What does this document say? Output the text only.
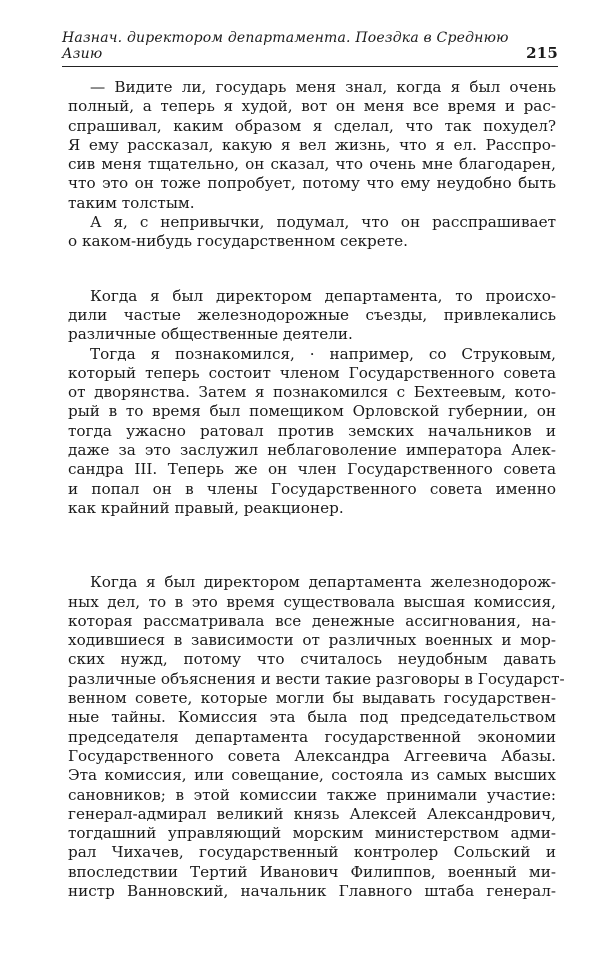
Назнач. директором департамента. Поездка в Среднюю Азию	215

— Видите ли, государь меня знал, когда я был очень
полный, а теперь я худой, вот он меня все время и рас-
спрашивал, каким образом я сделал, что так похудел?
Я ему рассказал, какую я вел жизнь, что я ел. Расспро-
сив меня тщательно, он сказал, что очень мне благодарен,
что это он тоже попробует, потому что ему неудобно быть
таким толстым.

А я, с непривычки, подумал, что он расспрашивает
о каком-нибудь государственном секрете.

Когда я был директором департамента, то происхо-
дили частые железнодорожные съезды, привлекались
различные общественные деятели.

Тогда я познакомился, · например, со Струковым,
который теперь состоит членом Государственного совета
от дворянства. Затем я познакомился с Бехтеевым, кото-
рый в то время был помещиком Орловской губернии, он
тогда ужасно ратовал против земских начальников и
даже за это заслужил неблаговоление императора Алек-
сандра III. Теперь же он член Государственного совета
и попал он в члены Государственного совета именно
как крайний правый, реакционер.

Когда я был директором департамента железнодорож-
ных дел, то в это время существовала высшая комиссия,
которая рассматривала все денежные ассигнования, на-
ходившиеся в зависимости от различных военных и мор-
ских нужд, потому что считалось неудобным давать
различные объяснения и вести такие разговоры в Государст-
венном совете, которые могли бы выдавать государствен-
ные тайны. Комиссия эта была под председательством
председателя департамента государственной экономии
Государственного совета Александра Аггеевича Абазы.
Эта комиссия, или совещание, состояла из самых высших
сановников; в этой комиссии также принимали участие:
генерал-адмирал великий князь Алексей Александрович,
тогдашний управляющий морским министерством адми-
рал Чихачев, государственный контролер Сольский и
впоследствии Тертий Иванович Филиппов, военный ми-
нистр Ванновский, начальник Главного штаба генерал-
